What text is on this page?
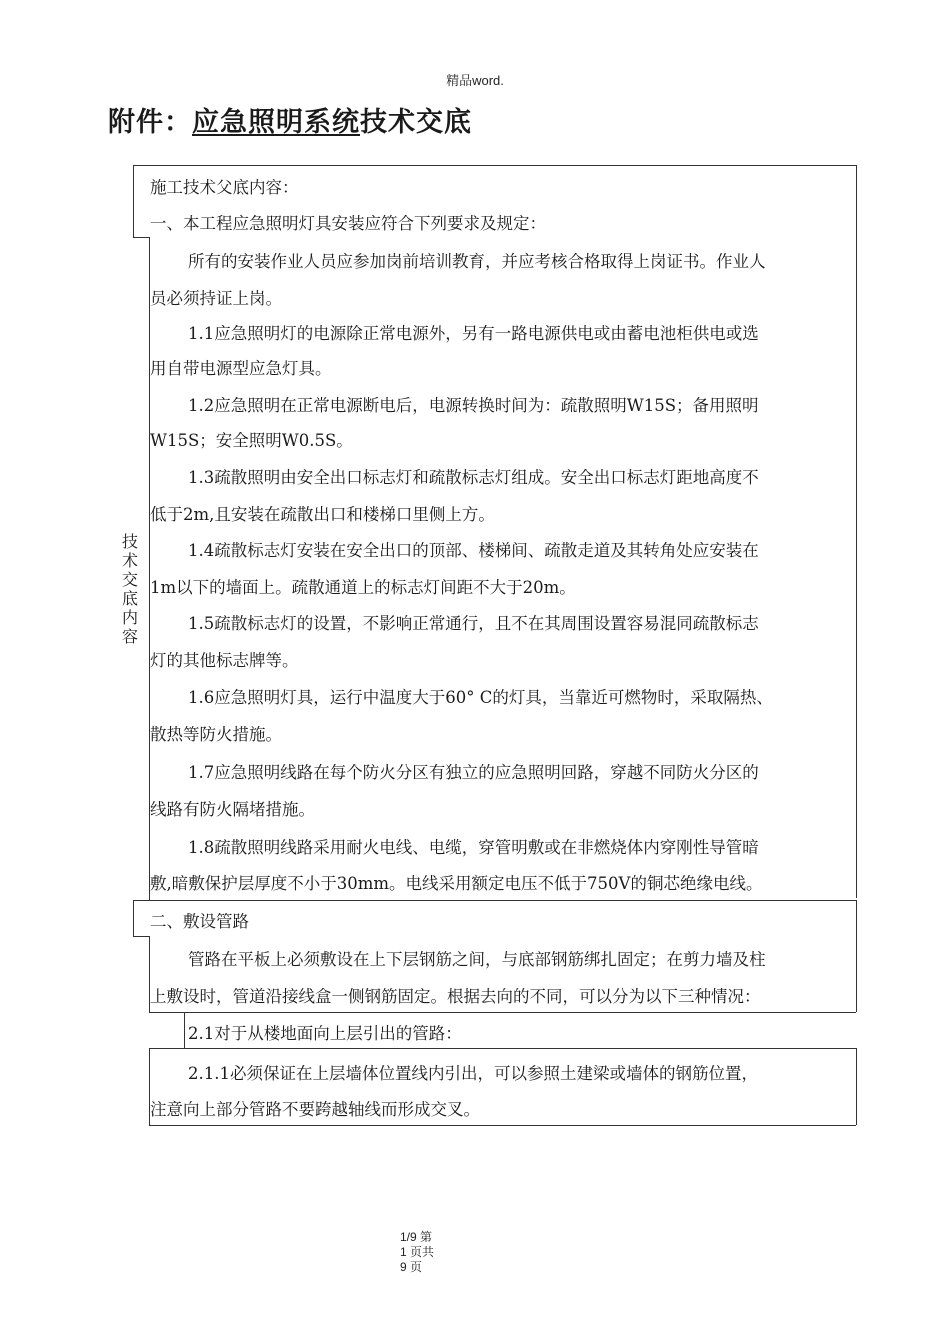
精品word.
附件：应急照明系统技术交底
施工技术父底内容：
一、本工程应急照明灯具安装应符合下列要求及规定：
技术交底内容
所有的安装作业人员应参加岗前培训教育，并应考核合格取得上岗证书。作业人
员必须持证上岗。
1.1应急照明灯的电源除正常电源外，另有一路电源供电或由蓄电池柜供电或选
用自带电源型应急灯具。
1.2应急照明在正常电源断电后，电源转换时间为：疏散照明W15S；备用照明
W15S；安全照明W0.5S。
1.3疏散照明由安全出口标志灯和疏散标志灯组成。安全出口标志灯距地高度不
低于2m,且安装在疏散出口和楼梯口里侧上方。
1.4疏散标志灯安装在安全出口的顶部、楼梯间、疏散走道及其转角处应安装在
1m以下的墙面上。疏散通道上的标志灯间距不大于20m。
1.5疏散标志灯的设置，不影响正常通行，且不在其周围设置容易混同疏散标志
灯的其他标志牌等。
1.6应急照明灯具，运行中温度大于60° C的灯具，当靠近可燃物时，采取隔热、
散热等防火措施。
1.7应急照明线路在每个防火分区有独立的应急照明回路，穿越不同防火分区的
线路有防火隔堵措施。
1.8疏散照明线路采用耐火电线、电缆，穿管明敷或在非燃烧体内穿刚性导管暗
敷,暗敷保护层厚度不小于30mm。电线采用额定电压不低于750V的铜芯绝缘电线。
二、敷设管路
管路在平板上必须敷设在上下层钢筋之间，与底部钢筋绑扎固定；在剪力墙及柱
上敷设时，管道沿接线盒一侧钢筋固定。根据去向的不同，可以分为以下三种情况：
2.1对于从楼地面向上层引出的管路：
2.1.1必须保证在上层墙体位置线内引出，可以参照土建梁或墙体的钢筋位置，
注意向上部分管路不要跨越轴线而形成交叉。
1/9 第
1 页共
9 页
